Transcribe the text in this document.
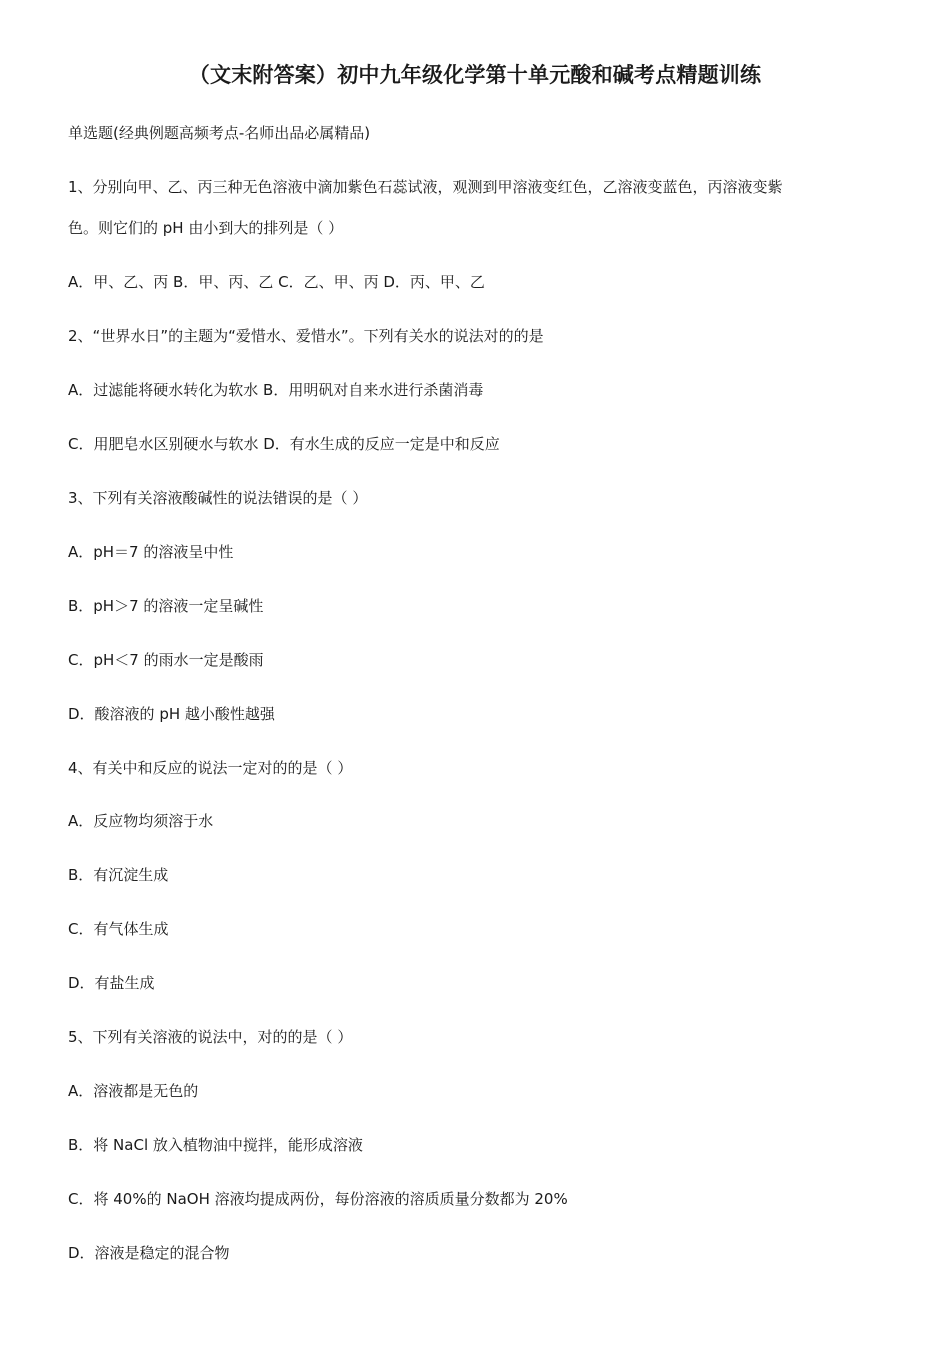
（文末附答案）初中九年级化学第十单元酸和碱考点精题训练
单选题(经典例题高频考点-名师出品必属精品)
1、分别向甲、乙、丙三种无色溶液中滴加紫色石蕊试液，观测到甲溶液变红色，乙溶液变蓝色，丙溶液变紫
色。则它们的 pH 由小到大的排列是（ ）
A．甲、乙、丙 B．甲、丙、乙 C．乙、甲、丙 D．丙、甲、乙
2、“世界水日”的主题为“爱惜水、爱惜水”。下列有关水的说法对的的是
A．过滤能将硬水转化为软水 B．用明矾对自来水进行杀菌消毒
C．用肥皂水区别硬水与软水 D．有水生成的反应一定是中和反应
3、下列有关溶液酸碱性的说法错误的是（ ）
A．pH＝7 的溶液呈中性
B．pH＞7 的溶液一定呈碱性
C．pH＜7 的雨水一定是酸雨
D．酸溶液的 pH 越小酸性越强
4、有关中和反应的说法一定对的的是（ ）
A．反应物均须溶于水
B．有沉淀生成
C．有气体生成
D．有盐生成
5、下列有关溶液的说法中，对的的是（ ）
A．溶液都是无色的
B．将 NaCl 放入植物油中搅拌，能形成溶液
C．将 40%的 NaOH 溶液均提成两份，每份溶液的溶质质量分数都为 20%
D．溶液是稳定的混合物
